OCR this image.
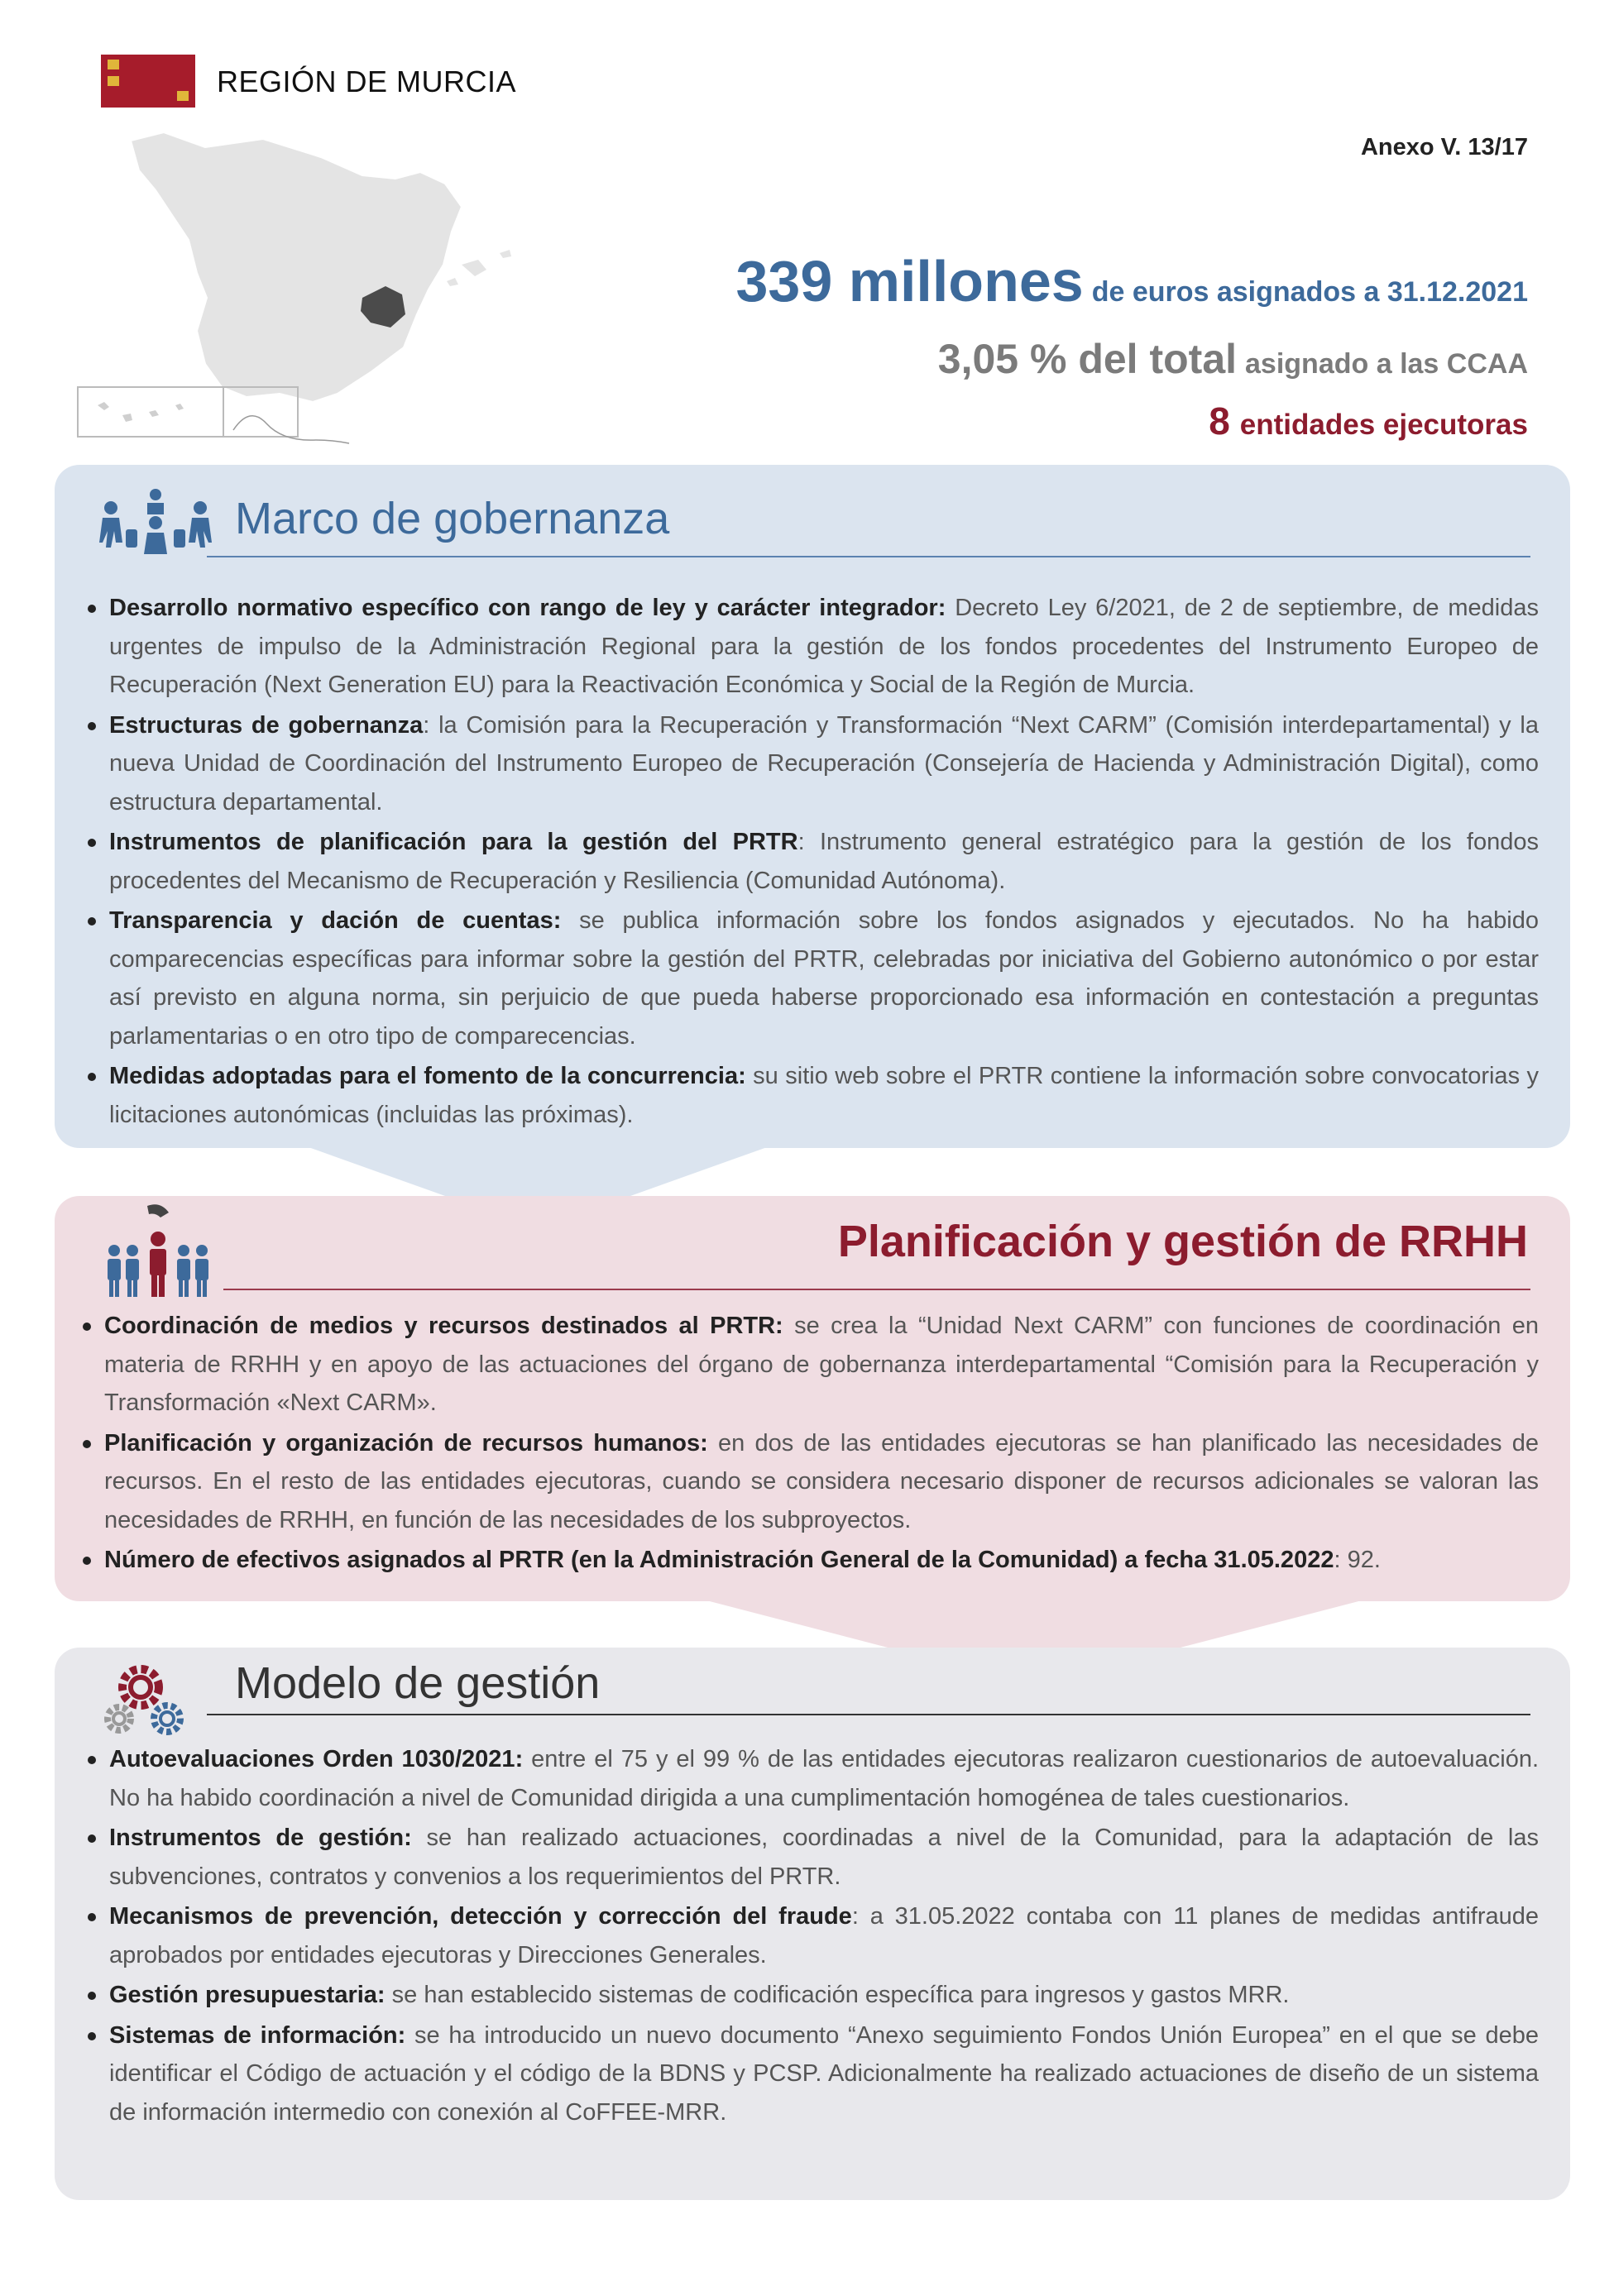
REGIÓN DE MURCIA
Anexo V. 13/17
339 millones de euros asignados a 31.12.2021
3,05 % del total asignado a las CCAA
8 entidades ejecutoras
Marco de gobernanza
Desarrollo normativo específico con rango de ley y carácter integrador: Decreto Ley 6/2021, de 2 de septiembre, de medidas urgentes de impulso de la Administración Regional para la gestión de los fondos procedentes del Instrumento Europeo de Recuperación (Next Generation EU) para la Reactivación Económica y Social de la Región de Murcia.
Estructuras de gobernanza: la Comisión para la Recuperación y Transformación “Next CARM” (Comisión interdepartamental) y la nueva Unidad de Coordinación del Instrumento Europeo de Recuperación (Consejería de Hacienda y Administración Digital), como estructura departamental.
Instrumentos de planificación para la gestión del PRTR: Instrumento general estratégico para la gestión de los fondos procedentes del Mecanismo de Recuperación y Resiliencia (Comunidad Autónoma).
Transparencia y dación de cuentas: se publica información sobre los fondos asignados y ejecutados. No ha habido comparecencias específicas para informar sobre la gestión del PRTR, celebradas por iniciativa del Gobierno autonómico o por estar así previsto en alguna norma, sin perjuicio de que pueda haberse proporcionado esa información en contestación a preguntas parlamentarias o en otro tipo de comparecencias.
Medidas adoptadas para el fomento de la concurrencia: su sitio web sobre el PRTR contiene la información sobre convocatorias y licitaciones autonómicas (incluidas las próximas).
Planificación y gestión de RRHH
Coordinación de medios y recursos destinados al PRTR: se crea la “Unidad Next CARM” con funciones de coordinación en materia de RRHH y en apoyo de las actuaciones del órgano de gobernanza interdepartamental “Comisión para la Recuperación y Transformación «Next CARM».
Planificación y organización de recursos humanos: en dos de las entidades ejecutoras se han planificado las necesidades de recursos. En el resto de las entidades ejecutoras, cuando se considera necesario disponer de recursos adicionales se valoran las necesidades de RRHH, en función de las necesidades de los subproyectos.
Número de efectivos asignados al PRTR (en la Administración General de la Comunidad) a fecha 31.05.2022: 92.
Modelo de gestión
Autoevaluaciones Orden 1030/2021: entre el 75 y el 99 % de las entidades ejecutoras realizaron cuestionarios de autoevaluación. No ha habido coordinación a nivel de Comunidad dirigida a una cumplimentación homogénea de tales cuestionarios.
Instrumentos de gestión: se han realizado actuaciones, coordinadas a nivel de la Comunidad, para la adaptación de las subvenciones, contratos y convenios a los requerimientos del PRTR.
Mecanismos de prevención, detección y corrección del fraude: a 31.05.2022 contaba con 11 planes de medidas antifraude aprobados por entidades ejecutoras y Direcciones Generales.
Gestión presupuestaria: se han establecido sistemas de codificación específica para ingresos y gastos MRR.
Sistemas de información: se ha introducido un nuevo documento “Anexo seguimiento Fondos Unión Europea” en el que se debe identificar el Código de actuación y el código de la BDNS y PCSP. Adicionalmente ha realizado actuaciones de diseño de un sistema de información intermedio con conexión al CoFFEE-MRR.
